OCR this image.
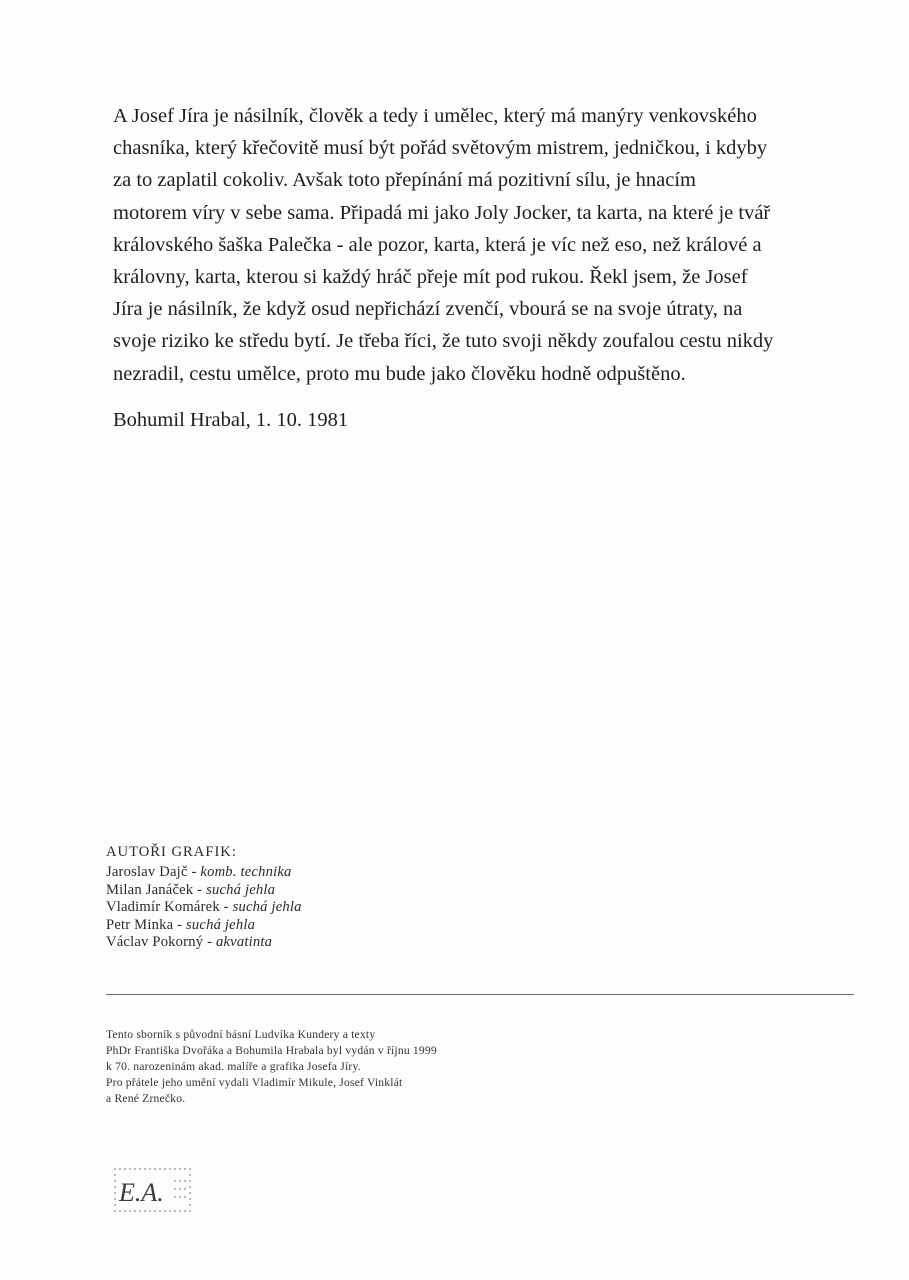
A Josef Jíra je násilník, člověk a tedy i umělec, který má manýry venkovského
chasníka, který křečovitě musí být pořád světovým mistrem, jedničkou, i kdyby
za to zaplatil cokoliv. Avšak toto přepínání má pozitivní sílu, je hnacím
motorem víry v sebe sama. Připadá mi jako Joly Jocker, ta karta, na které je tvář
královského šaška Palečka - ale pozor, karta, která je víc než eso, než králové a
královny, karta, kterou si každý hráč přeje mít pod rukou. Řekl jsem, že Josef
Jíra je násilník, že když osud nepřichází zvenčí, vbourá se na svoje útraty, na
svoje riziko ke středu bytí. Je třeba říci, že tuto svoji někdy zoufalou cestu nikdy
nezradil, cestu umělce, proto mu bude jako člověku hodně odpuštěno.

Bohumil Hrabal, 1. 10. 1981

AUTOŘI GRAFIK:
Jaroslav Dajč - komb. technika
Milan Janáček - suchá jehla
Vladimír Komárek - suchá jehla
Petr Minka - suchá jehla
Václav Pokorný - akvatinta
Tento sborník s původní básní Ludvíka Kundery a texty
PhDr Františka Dvořáka a Bohumila Hrabala byl vydán v říjnu 1999
k 70. narozeninám akad. malíře a grafika Josefa Jíry.
Pro přátele jeho umění vydali Vladimír Mikule, Josef Vinklát
a René Zrnečko.
E.A.
